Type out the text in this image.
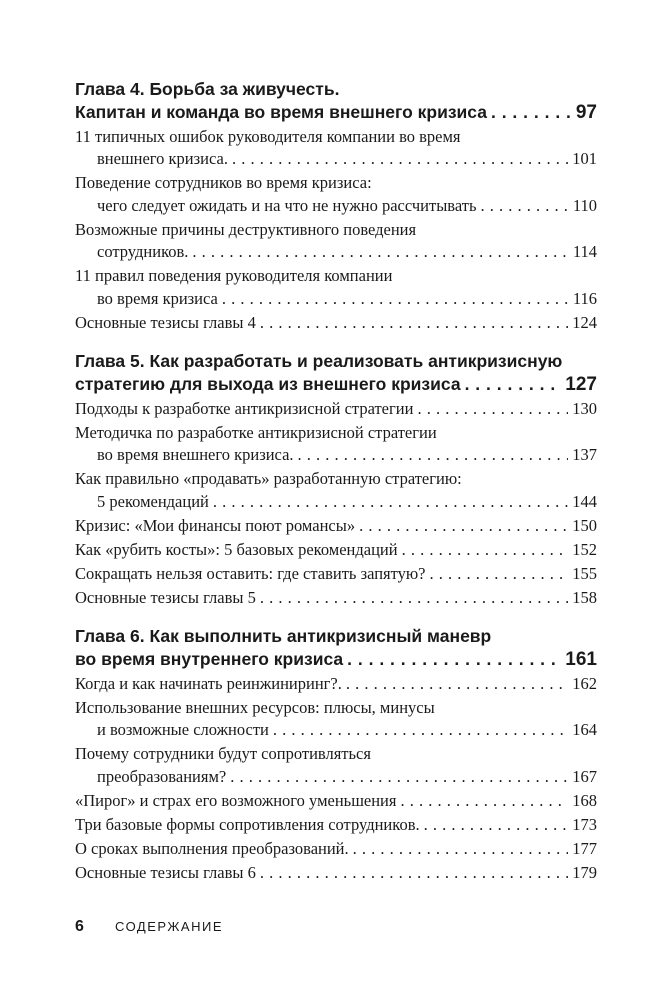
Глава 4. Борьба за живучесть.
Капитан и команда во время внешнего кризиса . . .	97
11 типичных ошибок руководителя компании во время
внешнего кризиса. . . .	101
Поведение сотрудников во время кризиса:
чего следует ожидать и на что не нужно рассчитывать . . .	110
Возможные причины деструктивного поведения
сотрудников. . . .	114
11 правил поведения руководителя компании
во время кризиса . . .	116
Основные тезисы главы 4 . . .	124
Глава 5. Как разработать и реализовать антикризисную
стратегию для выхода из внешнего кризиса . . .	127
Подходы к разработке антикризисной стратегии . . .	130
Методичка по разработке антикризисной стратегии
во время внешнего кризиса. . . .	137
Как правильно «продавать» разработанную стратегию:
5 рекомендаций . . .	144
Кризис: «Мои финансы поют романсы» . . .	150
Как «рубить косты»: 5 базовых рекомендаций . . .	152
Сокращать нельзя оставить: где ставить запятую? . . .	155
Основные тезисы главы 5 . . .	158
Глава 6. Как выполнить антикризисный маневр
во время внутреннего кризиса . . .	161
Когда и как начинать реинжиниринг?. . . .	162
Использование внешних ресурсов: плюсы, минусы
и возможные сложности . . .	164
Почему сотрудники будут сопротивляться
преобразованиям? . . .	167
«Пирог» и страх его возможного уменьшения . . .	168
Три базовые формы сопротивления сотрудников. . . .	173
О сроках выполнения преобразований. . . .	177
Основные тезисы главы 6 . . .	179
6	СОДЕРЖАНИЕ
